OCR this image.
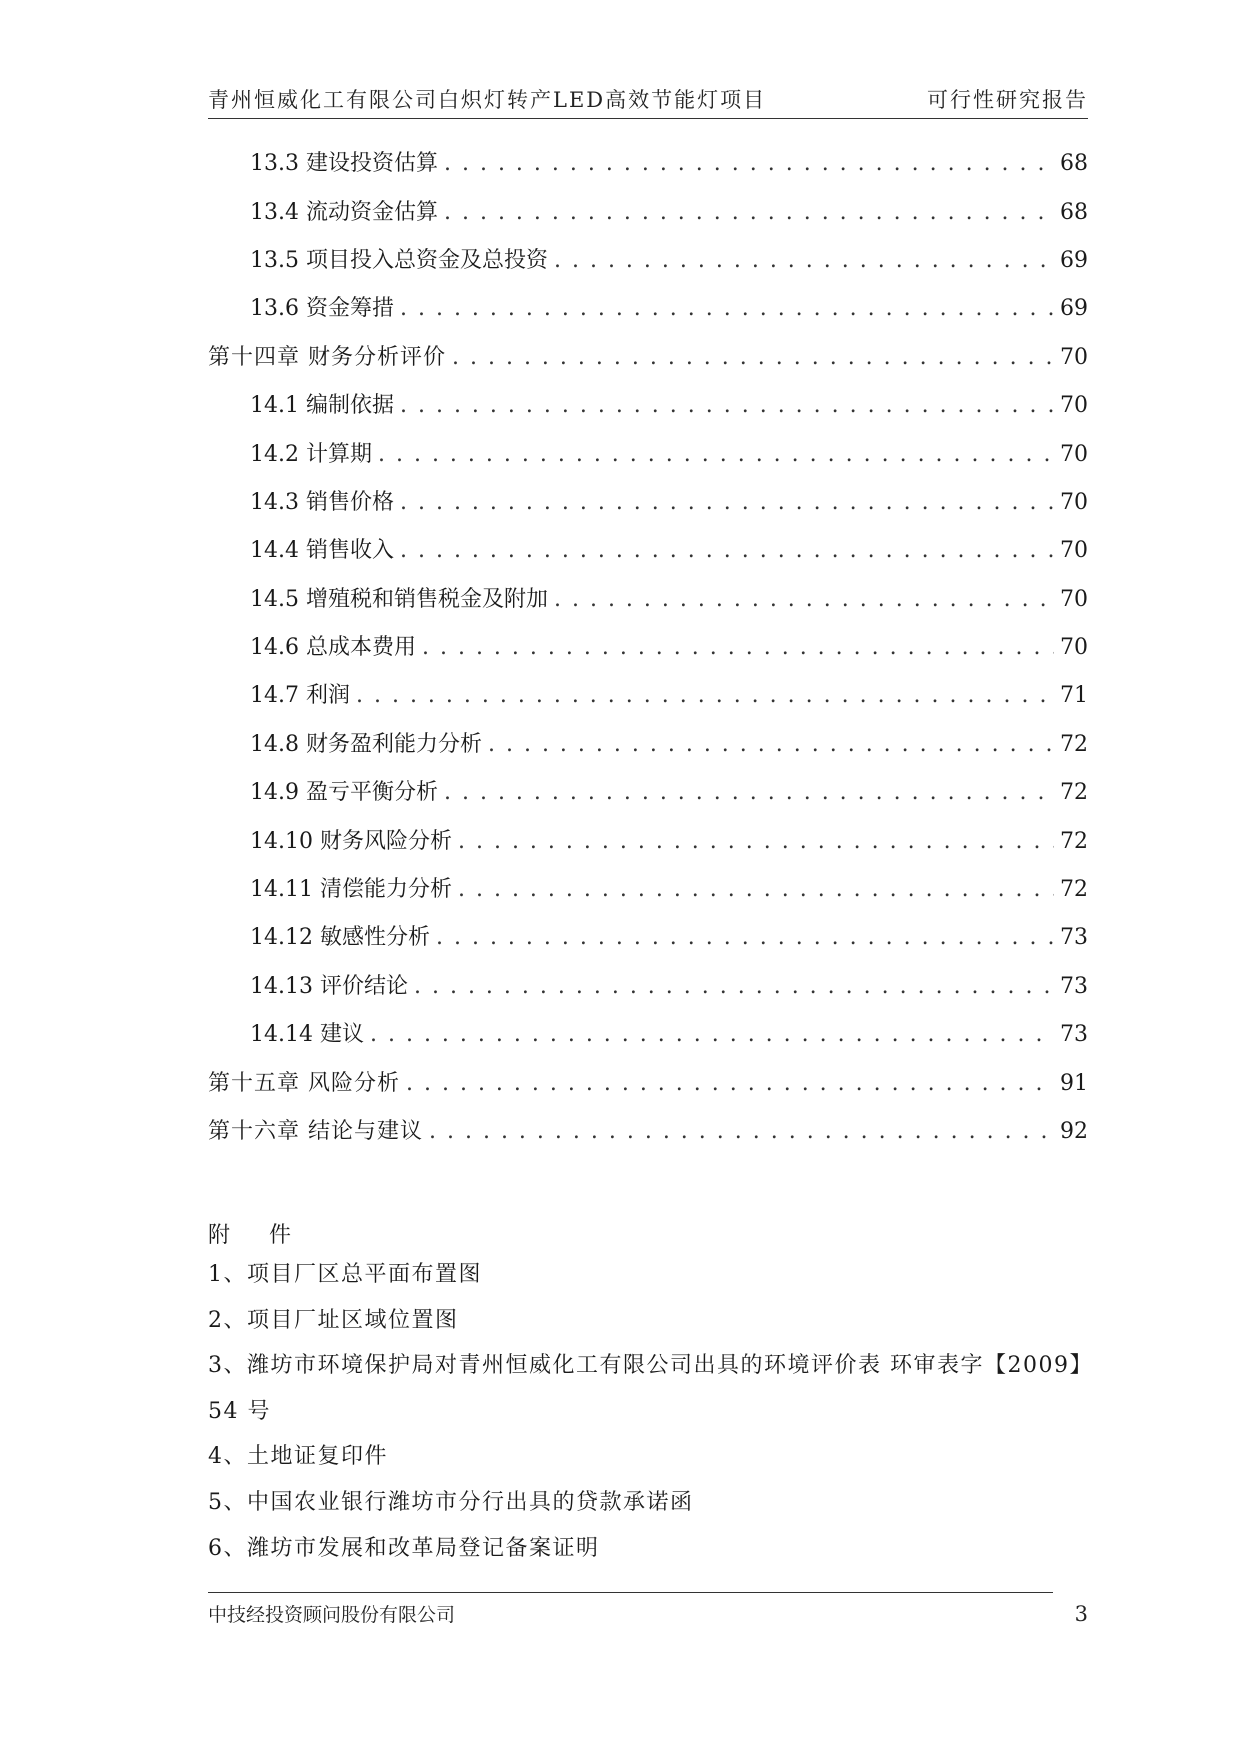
青州恒威化工有限公司白炽灯转产LED高效节能灯项目	可行性研究报告
13.3 建设投资估算 . . .	68
13.4 流动资金估算 . . .	68
13.5 项目投入总资金及总投资 . . .	69
13.6 资金筹措 . . .	69
第十四章 财务分析评价 . . .	70
14.1 编制依据 . . .	70
14.2 计算期 . . .	70
14.3 销售价格 . . .	70
14.4 销售收入 . . .	70
14.5 增殖税和销售税金及附加 . . .	70
14.6 总成本费用 . . .	70
14.7 利润 . . .	71
14.8 财务盈利能力分析 . . .	72
14.9 盈亏平衡分析 . . .	72
14.10 财务风险分析 . . .	72
14.11 清偿能力分析 . . .	72
14.12 敏感性分析 . . .	73
14.13 评价结论 . . .	73
14.14 建议 . . .	73
第十五章 风险分析 . . .	91
第十六章 结论与建议 . . .	92
附 件
1、项目厂区总平面布置图
2、项目厂址区域位置图
3、潍坊市环境保护局对青州恒威化工有限公司出具的环境评价表 环审表字【2009】54 号
4、土地证复印件
5、中国农业银行潍坊市分行出具的贷款承诺函
6、潍坊市发展和改革局登记备案证明
中技经投资顾问股份有限公司	3
